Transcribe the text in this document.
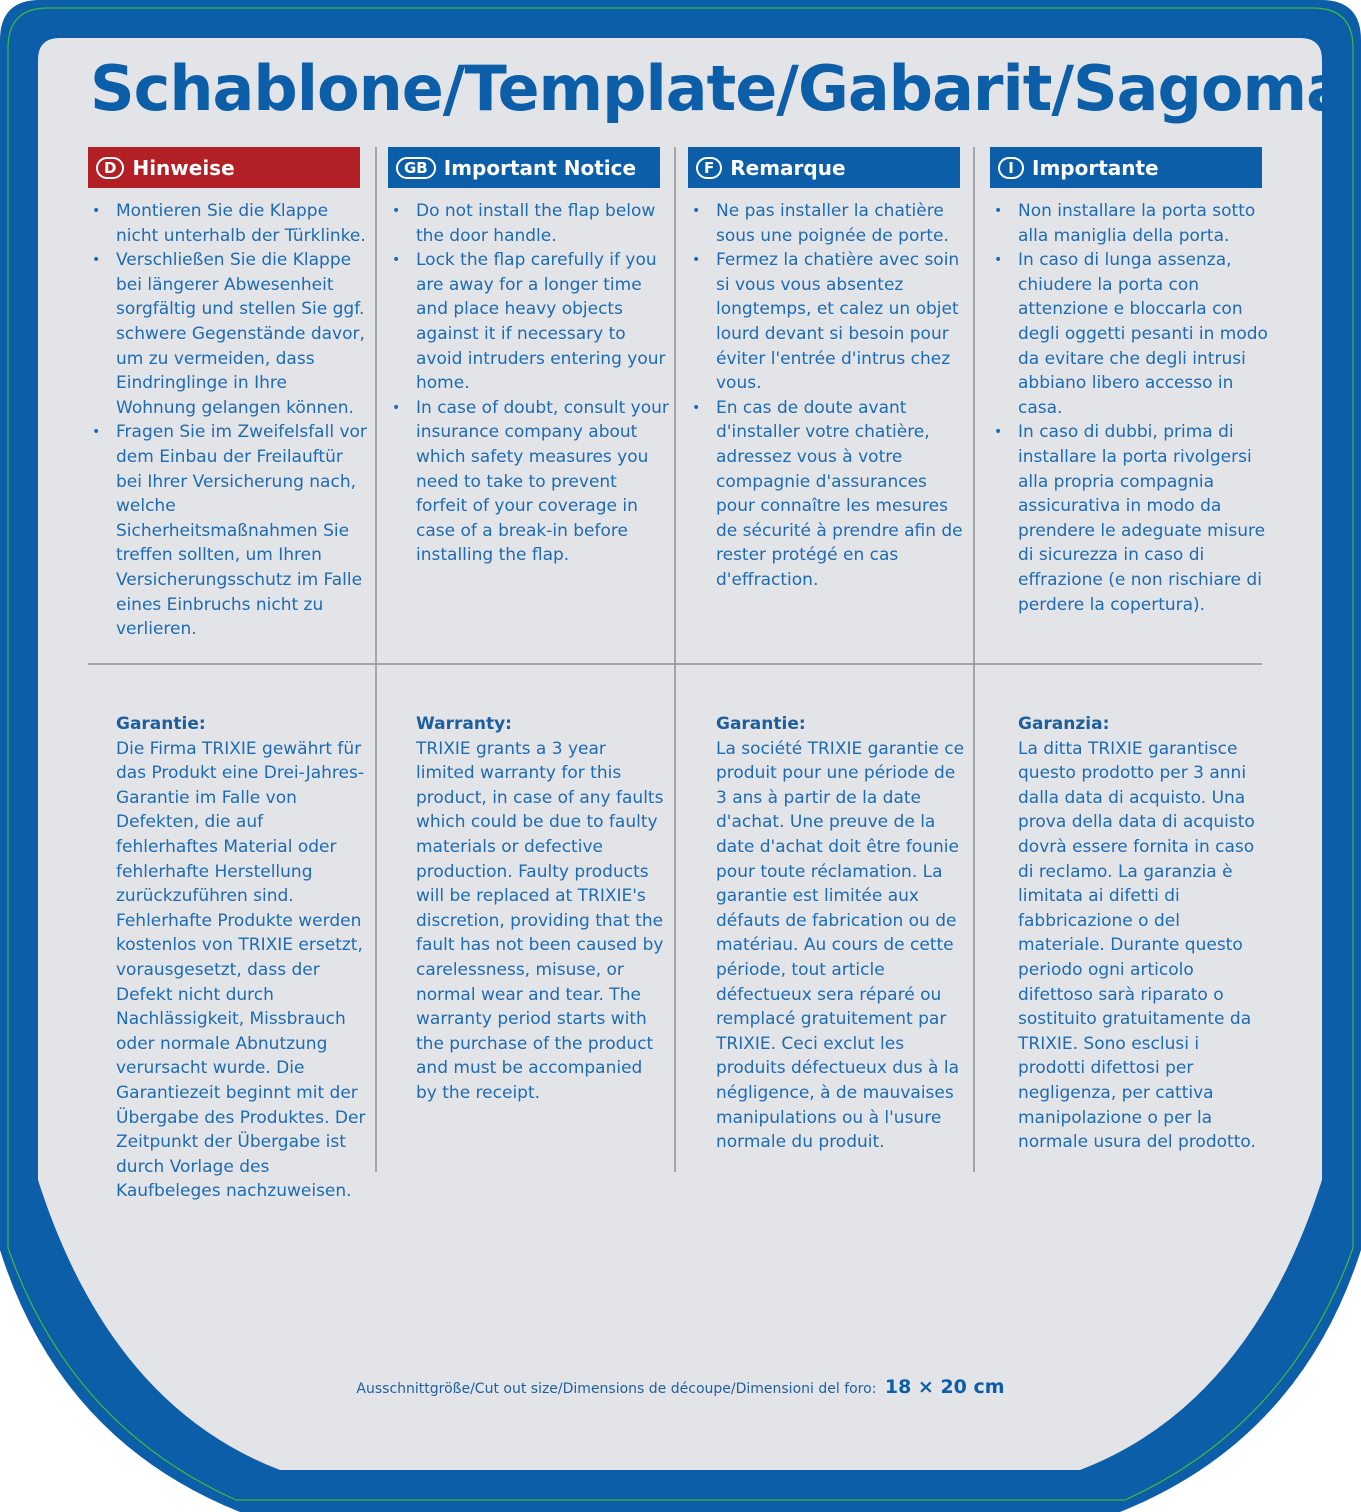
Schablone/Template/Gabarit/Sagoma
D Hinweise
• Montieren Sie die Klappe nicht unterhalb der Türklinke.
• Verschließen Sie die Klappe bei längerer Abwesenheit sorgfältig und stellen Sie ggf. schwere Gegenstände davor, um zu vermeiden, dass Eindringlinge in Ihre Wohnung gelangen können.
• Fragen Sie im Zweifelsfall vor dem Einbau der Freilauftür bei Ihrer Versicherung nach, welche Sicherheitsmaßnahmen Sie treffen sollten, um Ihren Versicherungsschutz im Falle eines Einbruchs nicht zu verlieren.
GB Important Notice
• Do not install the flap below the door handle.
• Lock the flap carefully if you are away for a longer time and place heavy objects against it if necessary to avoid intruders entering your home.
• In case of doubt, consult your insurance company about which safety measures you need to take to prevent forfeit of your coverage in case of a break-in before installing the flap.
F Remarque
• Ne pas installer la chatière sous une poignée de porte.
• Fermez la chatière avec soin si vous vous absentez longtemps, et calez un objet lourd devant si besoin pour éviter l'entrée d'intrus chez vous.
• En cas de doute avant d'installer votre chatière, adressez vous à votre compagnie d'assurances pour connaître les mesures de sécurité à prendre afin de rester protégé en cas d'effraction.
I Importante
• Non installare la porta sotto alla maniglia della porta.
• In caso di lunga assenza, chiudere la porta con attenzione e bloccarla con degli oggetti pesanti in modo da evitare che degli intrusi abbiano libero accesso in casa.
• In caso di dubbi, prima di installare la porta rivolgersi alla propria compagnia assicurativa in modo da prendere le adeguate misure di sicurezza in caso di effrazione (e non rischiare di perdere la copertura).
Garantie:
Die Firma TRIXIE gewährt für das Produkt eine Drei-Jahres-Garantie im Falle von Defekten, die auf fehlerhaftes Material oder fehlerhafte Herstellung zurückzuführen sind. Fehlerhafte Produkte werden kostenlos von TRIXIE ersetzt, vorausgesetzt, dass der Defekt nicht durch Nachlässigkeit, Missbrauch oder normale Abnutzung verursacht wurde. Die Garantiezeit beginnt mit der Übergabe des Produktes. Der Zeitpunkt der Übergabe ist durch Vorlage des Kaufbeleges nachzuweisen.
Warranty:
TRIXIE grants a 3 year limited warranty for this product, in case of any faults which could be due to faulty materials or defective production. Faulty products will be replaced at TRIXIE's discretion, providing that the fault has not been caused by carelessness, misuse, or normal wear and tear. The warranty period starts with the purchase of the product and must be accompanied by the receipt.
Garantie:
La société TRIXIE garantie ce produit pour une période de 3 ans à partir de la date d'achat. Une preuve de la date d'achat doit être founie pour toute réclamation. La garantie est limitée aux défauts de fabrication ou de matériau. Au cours de cette période, tout article défectueux sera réparé ou remplacé gratuitement par TRIXIE. Ceci exclut les produits défectueux dus à la négligence, à de mauvaises manipulations ou à l'usure normale du produit.
Garanzia:
La ditta TRIXIE garantisce questo prodotto per 3 anni dalla data di acquisto. Una prova della data di acquisto dovrà essere fornita in caso di reclamo. La garanzia è limitata ai difetti di fabbricazione o del materiale. Durante questo periodo ogni articolo difettoso sarà riparato o sostituito gratuitamente da TRIXIE. Sono esclusi i prodotti difettosi per negligenza, per cattiva manipolazione o per la normale usura del prodotto.
Ausschnittgröße/Cut out size/Dimensions de découpe/Dimensioni del foro: 18 × 20 cm
